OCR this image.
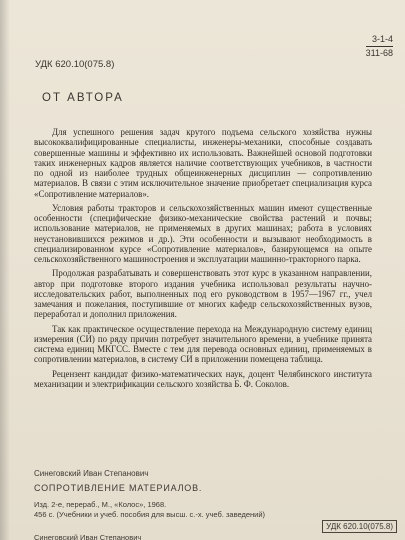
3-1-4
311-68
УДК 620.10(075.8)
ОТ АВТОРА

Для успешного решения задач крутого подъема сельского хозяйства нужны высококвалифицированные специалисты, инженеры-механики, способные создавать совершенные машины и эффективно их использовать. Важнейшей основой подготовки таких инженерных кадров является наличие соответствующих учебников, в частности по одной из наиболее трудных общеинженерных дисциплин — сопротивлению материалов. В связи с этим исключительное значение приобретает специализация курса «Сопротивление материалов».

Условия работы тракторов и сельскохозяйственных машин имеют существенные особенности (специфические физико-механические свойства растений и почвы; использование материалов, не применяемых в других машинах; работа в условиях неустановившихся режимов и др.). Эти особенности и вызывают необходимость в специализированном курсе «Сопротивление материалов», базирующемся на опыте сельскохозяйственного машиностроения и эксплуатации машинно-тракторного парка.

Продолжая разрабатывать и совершенствовать этот курс в указанном направлении, автор при подготовке второго издания учебника использовал результаты научно-исследовательских работ, выполненных под его руководством в 1957—1967 гг., учел замечания и пожелания, поступившие от многих кафедр сельскохозяйственных вузов, переработал и дополнил приложения.

Так как практическое осуществление перехода на Международную систему единиц измерения (СИ) по ряду причин потребует значительного времени, в учебнике принята система единиц МКГСС. Вместе с тем для перевода основных единиц, применяемых в сопротивлении материалов, в систему СИ в приложении помещена таблица.

Рецензент кандидат физико-математических наук, доцент Челябинского института механизации и электрификации сельского хозяйства Б. Ф. Соколов.

Синеговский Иван Степанович
СОПРОТИВЛЕНИЕ МАТЕРИАЛОВ.
Изд. 2-е, перераб., М., «Колос», 1968.
456 с. (Учебники и учеб. пособия для высш. с.-х. учеб. заведений)
УДК 620.10(075.8)
Синеговский Иван Степанович
